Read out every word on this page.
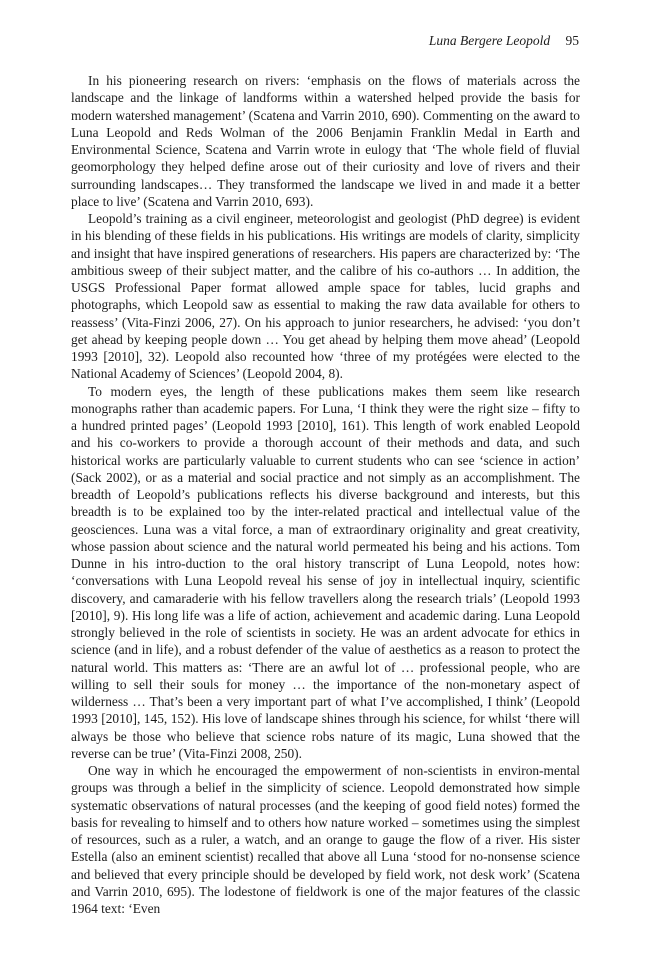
Luna Bergere Leopold 95

In his pioneering research on rivers: ‘emphasis on the flows of materials across the landscape and the linkage of landforms within a watershed helped provide the basis for modern watershed management’ (Scatena and Varrin 2010, 690). Commenting on the award to Luna Leopold and Reds Wolman of the 2006 Benjamin Franklin Medal in Earth and Environmental Science, Scatena and Varrin wrote in eulogy that ‘The whole field of fluvial geomorphology they helped define arose out of their curiosity and love of rivers and their surrounding landscapes… They transformed the landscape we lived in and made it a better place to live’ (Scatena and Varrin 2010, 693).

Leopold’s training as a civil engineer, meteorologist and geologist (PhD degree) is evident in his blending of these fields in his publications. His writings are models of clarity, simplicity and insight that have inspired generations of researchers. His papers are characterized by: ‘The ambitious sweep of their subject matter, and the calibre of his co-authors … In addition, the USGS Professional Paper format allowed ample space for tables, lucid graphs and photographs, which Leopold saw as essential to making the raw data available for others to reassess’ (Vita-Finzi 2006, 27). On his approach to junior researchers, he advised: ‘you don’t get ahead by keeping people down … You get ahead by helping them move ahead’ (Leopold 1993 [2010], 32). Leopold also recounted how ‘three of my protégées were elected to the National Academy of Sciences’ (Leopold 2004, 8).

To modern eyes, the length of these publications makes them seem like research monographs rather than academic papers. For Luna, ‘I think they were the right size – fifty to a hundred printed pages’ (Leopold 1993 [2010], 161). This length of work enabled Leopold and his co-workers to provide a thorough account of their methods and data, and such historical works are particularly valuable to current students who can see ‘science in action’ (Sack 2002), or as a material and social practice and not simply as an accomplishment. The breadth of Leopold’s publications reflects his diverse background and interests, but this breadth is to be explained too by the inter-related practical and intellectual value of the geosciences. Luna was a vital force, a man of extraordinary originality and great creativity, whose passion about science and the natural world permeated his being and his actions. Tom Dunne in his intro-duction to the oral history transcript of Luna Leopold, notes how: ‘conversations with Luna Leopold reveal his sense of joy in intellectual inquiry, scientific discovery, and camaraderie with his fellow travellers along the research trials’ (Leopold 1993 [2010], 9). His long life was a life of action, achievement and academic daring. Luna Leopold strongly believed in the role of scientists in society. He was an ardent advocate for ethics in science (and in life), and a robust defender of the value of aesthetics as a reason to protect the natural world. This matters as: ‘There are an awful lot of … professional people, who are willing to sell their souls for money … the importance of the non-monetary aspect of wilderness … That’s been a very important part of what I’ve accomplished, I think’ (Leopold 1993 [2010], 145, 152). His love of landscape shines through his science, for whilst ‘there will always be those who believe that science robs nature of its magic, Luna showed that the reverse can be true’ (Vita-Finzi 2008, 250).

One way in which he encouraged the empowerment of non-scientists in environ-mental groups was through a belief in the simplicity of science. Leopold demonstrated how simple systematic observations of natural processes (and the keeping of good field notes) formed the basis for revealing to himself and to others how nature worked – sometimes using the simplest of resources, such as a ruler, a watch, and an orange to gauge the flow of a river. His sister Estella (also an eminent scientist) recalled that above all Luna ‘stood for no-nonsense science and believed that every principle should be developed by field work, not desk work’ (Scatena and Varrin 2010, 695). The lodestone of fieldwork is one of the major features of the classic 1964 text: ‘Even
